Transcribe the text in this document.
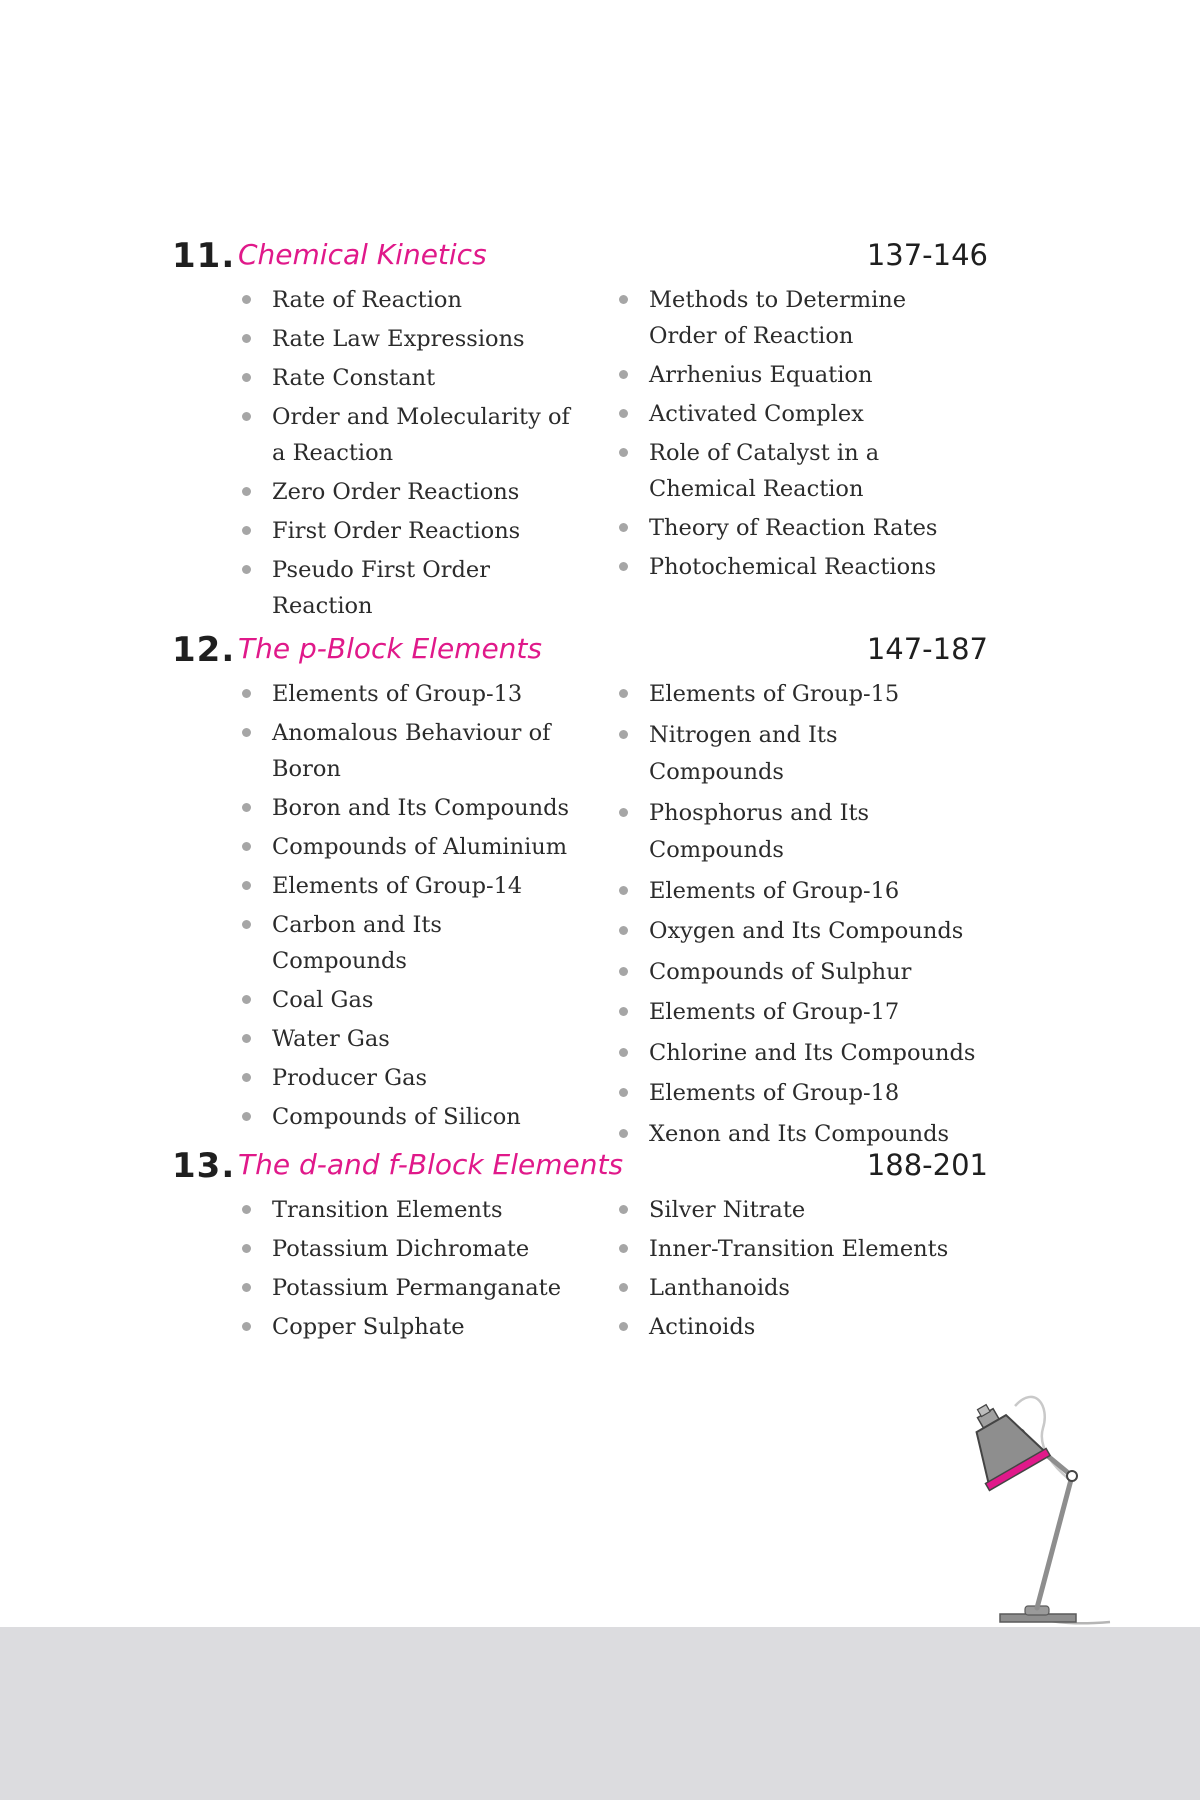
11. Chemical Kinetics	137-146
Rate of Reaction
Rate Law Expressions
Rate Constant
Order and Molecularity of a Reaction
Zero Order Reactions
First Order Reactions
Pseudo First Order Reaction
Methods to Determine Order of Reaction
Arrhenius Equation
Activated Complex
Role of Catalyst in a Chemical Reaction
Theory of Reaction Rates
Photochemical Reactions
12. The p-Block Elements	147-187
Elements of Group-13
Anomalous Behaviour of Boron
Boron and Its Compounds
Compounds of Aluminium
Elements of Group-14
Carbon and Its Compounds
Coal Gas
Water Gas
Producer Gas
Compounds of Silicon
Elements of Group-15
Nitrogen and Its Compounds
Phosphorus and Its Compounds
Elements of Group-16
Oxygen and Its Compounds
Compounds of Sulphur
Elements of Group-17
Chlorine and Its Compounds
Elements of Group-18
Xenon and Its Compounds
13. The d-and f-Block Elements	188-201
Transition Elements
Potassium Dichromate
Potassium Permanganate
Copper Sulphate
Silver Nitrate
Inner-Transition Elements
Lanthanoids
Actinoids
